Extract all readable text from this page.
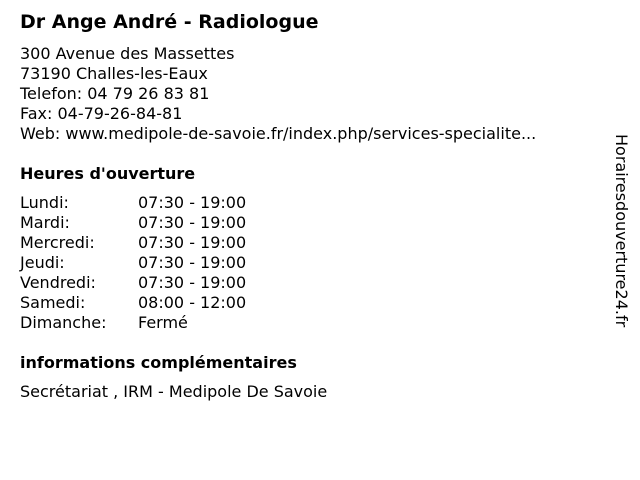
Dr Ange André - Radiologue
300 Avenue des Massettes
73190 Challes-les-Eaux
Telefon: 04 79 26 83 81
Fax: 04-79-26-84-81
Web: www.medipole-de-savoie.fr/index.php/services-specialite...
Heures d'ouverture
Lundi:	07:30 - 19:00
Mardi:	07:30 - 19:00
Mercredi:	07:30 - 19:00
Jeudi:	07:30 - 19:00
Vendredi:	07:30 - 19:00
Samedi:	08:00 - 12:00
Dimanche:	Fermé
informations complémentaires
Secrétariat , IRM - Medipole De Savoie
Horairesdouverture24.fr
